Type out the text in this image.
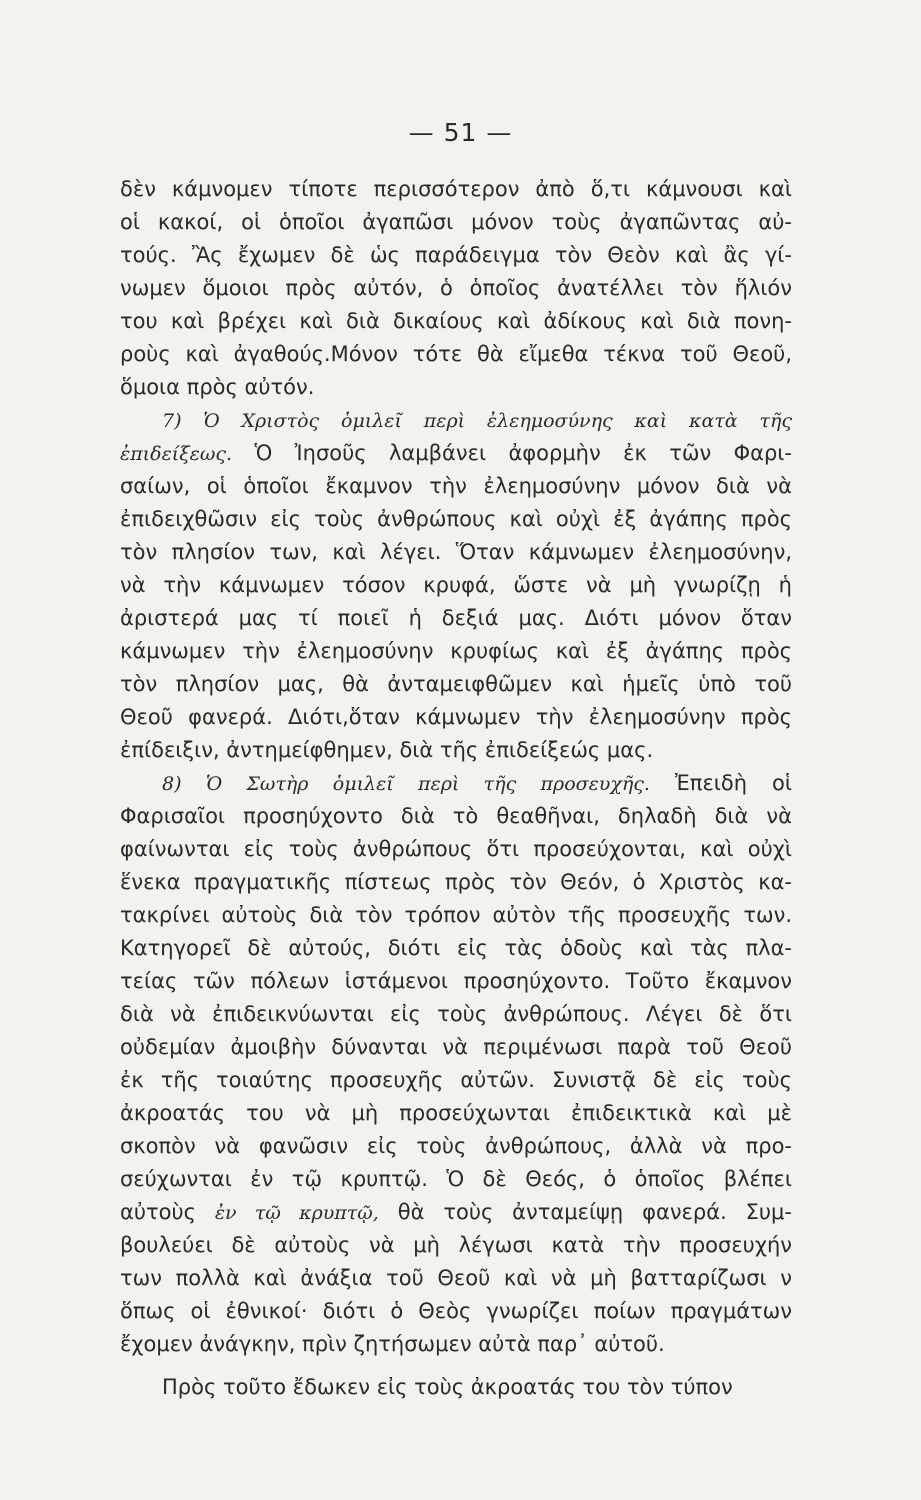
— 51 —
δὲν κάμνομεν τίποτε περισσότερον ἀπὸ ὅ,τι κάμνουσι καὶ
οἱ κακοί, οἱ ὁποῖοι ἀγαπῶσι μόνον τοὺς ἀγαπῶντας αὐ-
τούς. Ἂς ἔχωμεν δὲ ὡς παράδειγμα τὸν Θεὸν καὶ ἂς γί-
νωμεν ὅμοιοι πρὸς αὐτόν, ὁ ὁποῖος ἀνατέλλει τὸν ἥλιόν
του καὶ βρέχει καὶ διὰ δικαίους καὶ ἀδίκους καὶ διὰ πονη-
ροὺς καὶ ἀγαθούς.Μόνον τότε θὰ εἴμεθα τέκνα τοῦ Θεοῦ,
ὅμοια πρὸς αὐτόν.
7) Ὁ Χριστὸς ὁμιλεῖ περὶ ἐλεημοσύνης καὶ κατὰ τῆς
ἐπιδείξεως. Ὁ Ἰησοῦς λαμβάνει ἀφορμὴν ἐκ τῶν Φαρι-
σαίων, οἱ ὁποῖοι ἔκαμνον τὴν ἐλεημοσύνην μόνον διὰ νὰ
ἐπιδειχθῶσιν εἰς τοὺς ἀνθρώπους καὶ οὐχὶ ἐξ ἀγάπης πρὸς
τὸν πλησίον των, καὶ λέγει. Ὅταν κάμνωμεν ἐλεημοσύνην,
νὰ τὴν κάμνωμεν τόσον κρυφά, ὥστε νὰ μὴ γνωρίζῃ ἡ
ἀριστερά μας τί ποιεῖ ἡ δεξιά μας. Διότι μόνον ὅταν
κάμνωμεν τὴν ἐλεημοσύνην κρυφίως καὶ ἐξ ἀγάπης πρὸς
τὸν πλησίον μας, θὰ ἀνταμειφθῶμεν καὶ ἡμεῖς ὑπὸ τοῦ
Θεοῦ φανερά. Διότι,ὅταν κάμνωμεν τὴν ἐλεημοσύνην πρὸς
ἐπίδειξιν, ἀντημείφθημεν, διὰ τῆς ἐπιδείξεώς μας.
8) Ὁ Σωτὴρ ὁμιλεῖ περὶ τῆς προσευχῆς. Ἐπειδὴ οἱ
Φαρισαῖοι προσηύχοντο διὰ τὸ θεαθῆναι, δηλαδὴ διὰ νὰ
φαίνωνται εἰς τοὺς ἀνθρώπους ὅτι προσεύχονται, καὶ οὐχὶ
ἕνεκα πραγματικῆς πίστεως πρὸς τὸν Θεόν, ὁ Χριστὸς κα-
τακρίνει αὐτοὺς διὰ τὸν τρόπον αὐτὸν τῆς προσευχῆς των.
Κατηγορεῖ δὲ αὐτούς, διότι εἰς τὰς ὁδοὺς καὶ τὰς πλα-
τείας τῶν πόλεων ἱστάμενοι προσηύχοντο. Τοῦτο ἔκαμνον
διὰ νὰ ἐπιδεικνύωνται εἰς τοὺς ἀνθρώπους. Λέγει δὲ ὅτι
οὐδεμίαν ἀμοιβὴν δύνανται νὰ περιμένωσι παρὰ τοῦ Θεοῦ
ἐκ τῆς τοιαύτης προσευχῆς αὐτῶν. Συνιστᾷ δὲ εἰς τοὺς
ἀκροατάς του νὰ μὴ προσεύχωνται ἐπιδεικτικὰ καὶ μὲ
σκοπὸν νὰ φανῶσιν εἰς τοὺς ἀνθρώπους, ἀλλὰ νὰ προ-
σεύχωνται ἐν τῷ κρυπτῷ. Ὁ δὲ Θεός, ὁ ὁποῖος βλέπει
αὐτοὺς ἐν τῷ κρυπτῷ, θὰ τοὺς ἀνταμείψῃ φανερά. Συμ-
βουλεύει δὲ αὐτοὺς νὰ μὴ λέγωσι κατὰ τὴν προσευχήν
των πολλὰ καὶ ἀνάξια τοῦ Θεοῦ καὶ νὰ μὴ βατταρίζωσι ν
ὅπως οἱ ἐθνικοί· διότι ὁ Θεὸς γνωρίζει ποίων πραγμάτων
ἔχομεν ἀνάγκην, πρὶν ζητήσωμεν αὐτὰ παρ᾽ αὐτοῦ.
Πρὸς τοῦτο ἔδωκεν εἰς τοὺς ἀκροατάς του τὸν τύπον
